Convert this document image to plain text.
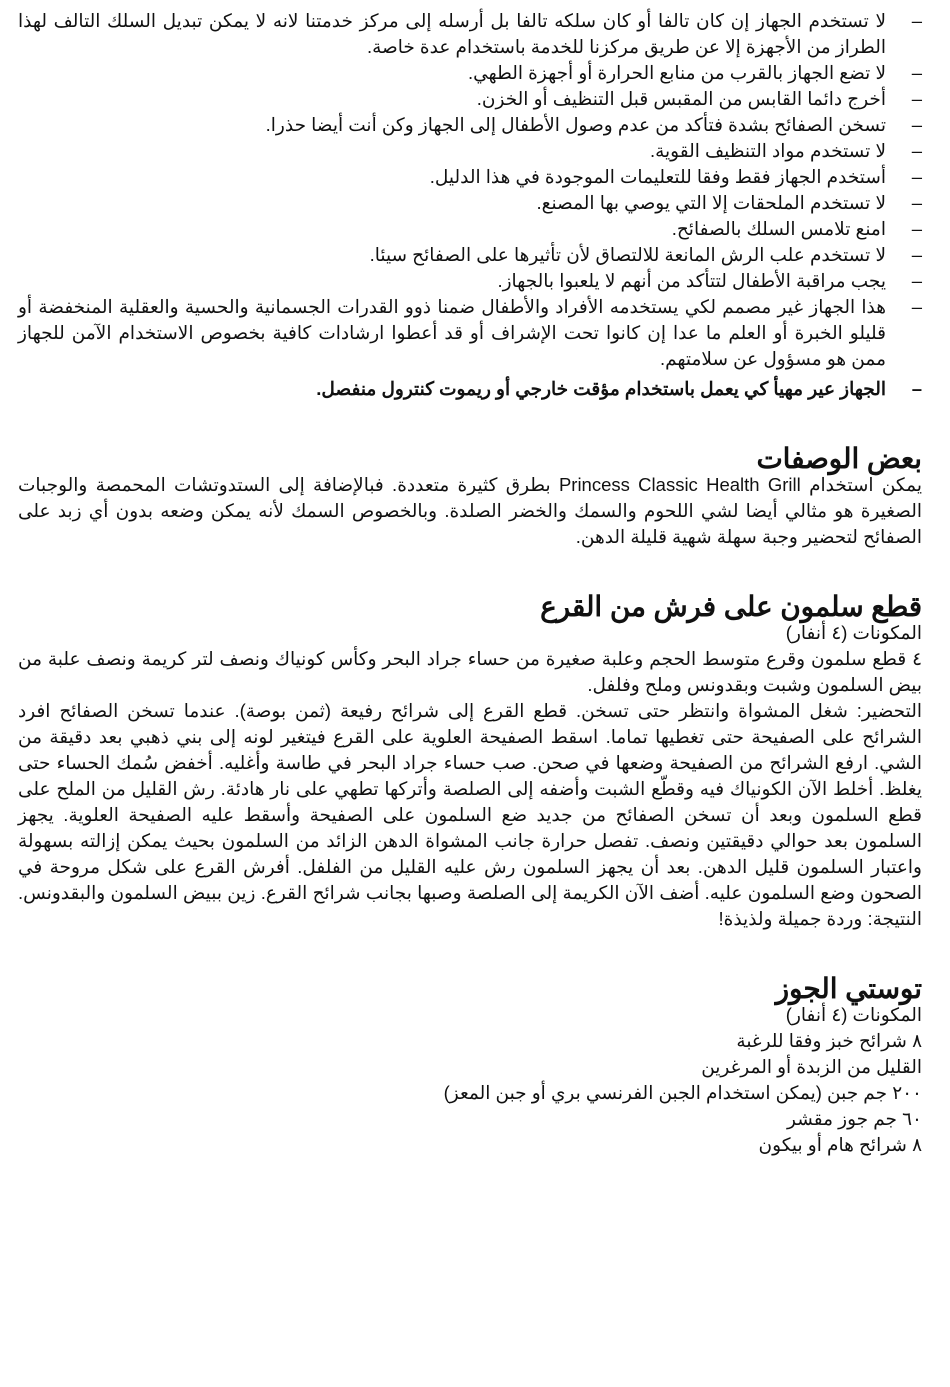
–
لا تستخدم الجهاز إن كان تالفا أو كان سلكه تالفا بل أرسله إلى مركز خدمتنا لانه لا يمكن تبديل السلك التالف لهذا الطراز من الأجهزة إلا عن طريق مركزنا للخدمة باستخدام عدة خاصة.
–
لا تضع الجهاز بالقرب من منابع الحرارة أو أجهزة الطهي.
–
أخرج دائما القابس من المقبس قبل التنظيف أو الخزن.
–
تسخن الصفائح بشدة فتأكد من عدم وصول الأطفال إلى الجهاز وكن أنت أيضا حذرا.
–
لا تستخدم مواد التنظيف القوية.
–
أستخدم الجهاز فقط وفقا للتعليمات الموجودة في هذا الدليل.
–
لا تستخدم الملحقات إلا التي يوصي بها المصنع.
–
امنع تلامس السلك بالصفائح.
–
لا تستخدم علب الرش المانعة للالتصاق لأن تأثيرها على الصفائح سيئا.
–
يجب مراقبة الأطفال لتتأكد من أنهم لا يلعبوا بالجهاز.
–
هذا الجهاز غير مصمم لكي يستخدمه الأفراد والأطفال ضمنا ذوو القدرات الجسمانية والحسية والعقلية المنخفضة أو قليلو الخبرة أو العلم ما عدا إن كانوا تحت الإشراف أو قد أعطوا ارشادات كافية بخصوص الاستخدام الآمن للجهاز ممن هو مسؤول عن سلامتهم.
–
الجهاز عير مهيأ كي يعمل باستخدام مؤقت خارجي أو ريموت كنترول منفصل.
بعض الوصفات

يمكن استخدام Princess Classic Health Grill بطرق كثيرة متعددة. فبالإضافة إلى الستدوتشات المحمصة والوجبات الصغيرة هو مثالي أيضا لشي اللحوم والسمك والخضر الصلدة. وبالخصوص السمك لأنه يمكن وضعه بدون أي زبد على الصفائح لتحضير وجبة سهلة شهية قليلة الدهن.

قطع سلمون على فرش من القرع

المكونات (٤ أنفار)

٤ قطع سلمون وقرع متوسط الحجم وعلبة صغيرة من حساء جراد البحر وكأس كونياك ونصف لتر كريمة ونصف علبة من بيض السلمون وشبت وبقدونس وملح وفلفل.

التحضير: شغل المشواة وانتظر حتى تسخن. قطع القرع إلى شرائح رفيعة (ثمن بوصة). عندما تسخن الصفائح افرد الشرائح على الصفيحة حتى تغطيها تماما. اسقط الصفيحة العلوية على القرع فيتغير لونه إلى بني ذهبي بعد دقيقة من الشي. ارفع الشرائح من الصفيحة وضعها في صحن. صب حساء جراد البحر في طاسة وأغليه. أخفض سُمك الحساء حتى يغلظ. أخلط الآن الكونياك فيه وقطّع الشبت وأضفه إلى الصلصة وأتركها تطهي على نار هادئة. رش القليل من الملح على قطع السلمون وبعد أن تسخن الصفائح من جديد ضع السلمون على الصفيحة وأسقط عليه الصفيحة العلوية. يجهز السلمون بعد حوالي دقيقتين ونصف. تفصل حرارة جانب المشواة الدهن الزائد من السلمون بحيث يمكن إزالته بسهولة واعتبار السلمون قليل الدهن. بعد أن يجهز السلمون رش عليه القليل من الفلفل. أفرش القرع على شكل مروحة في الصحون وضع السلمون عليه. أضف الآن الكريمة إلى الصلصة وصبها بجانب شرائح القرع. زين ببيض السلمون والبقدونس. النتيجة: وردة جميلة ولذيذة!

توستي الجوز

المكونات (٤ أنفار)

٨ شرائح خبز وفقا للرغبة

القليل من الزبدة أو المرغرين

٢٠٠ جم جبن (يمكن استخدام الجبن الفرنسي بري أو جبن المعز)

٦٠ جم جوز مقشر

٨ شرائح هام أو بيكون
